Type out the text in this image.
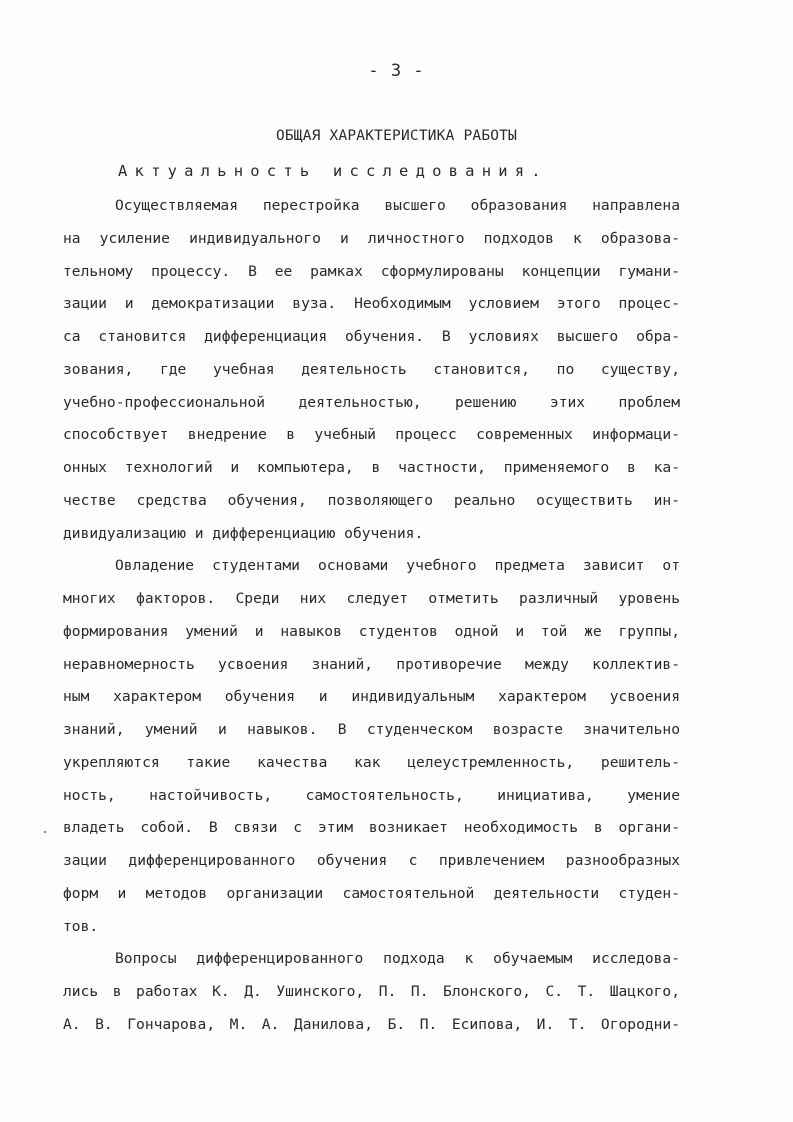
- 3 -
ОБЩАЯ ХАРАКТЕРИСТИКА РАБОТЫ
Актуальность исследования.
Осуществляемая перестройка высшего образования направлена
на усиление индивидуального и личностного подходов к образова-
тельному процессу. В ее рамках сформулированы концепции гумани-
зации и демократизации вуза. Необходимым условием этого процес-
са становится дифференциация обучения. В условиях высшего обра-
зования, где учебная деятельность становится, по существу,
учебно-профессиональной деятельностью, решению этих проблем
способствует внедрение в учебный процесс современных информаци-
онных технологий и компьютера, в частности, применяемого в ка-
честве средства обучения, позволяющего реально осуществить ин-
дивидуализацию и дифференциацию обучения.
Овладение студентами основами учебного предмета зависит от
многих факторов. Среди них следует отметить различный уровень
формирования умений и навыков студентов одной и той же группы,
неравномерность усвоения знаний, противоречие между коллектив-
ным характером обучения и индивидуальным характером усвоения
знаний, умений и навыков. В студенческом возрасте значительно
укрепляются такие качества как целеустремленность, решитель-
ность, настойчивость, самостоятельность, инициатива, умение
владеть собой. В связи с этим возникает необходимость в органи-
зации дифференцированного обучения с привлечением разнообразных
форм и методов организации самостоятельной деятельности студен-
тов.
Вопросы дифференцированного подхода к обучаемым исследова-
лись в работах К. Д. Ушинского, П. П. Блонского, С. Т. Шацкого,
А. В. Гончарова, М. А. Данилова, Б. П. Есипова, И. Т. Огородни-
